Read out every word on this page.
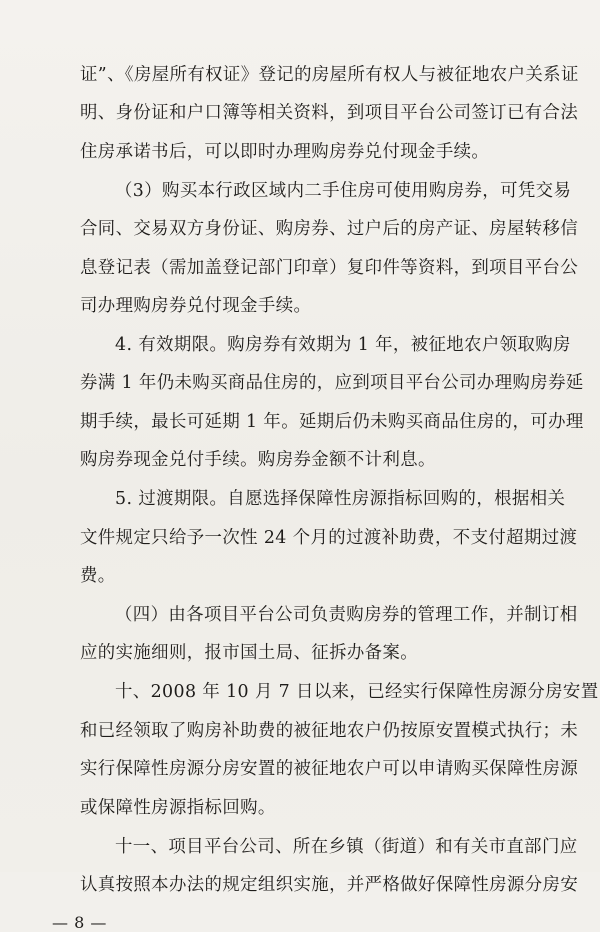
证”、《房屋所有权证》登记的房屋所有权人与被征地农户关系证
明、身份证和户口簿等相关资料，到项目平台公司签订已有合法
住房承诺书后，可以即时办理购房券兑付现金手续。
（3）购买本行政区域内二手住房可使用购房券，可凭交易
合同、交易双方身份证、购房券、过户后的房产证、房屋转移信
息登记表（需加盖登记部门印章）复印件等资料，到项目平台公
司办理购房券兑付现金手续。
4. 有效期限。购房券有效期为 1 年，被征地农户领取购房
券满 1 年仍未购买商品住房的，应到项目平台公司办理购房券延
期手续，最长可延期 1 年。延期后仍未购买商品住房的，可办理
购房券现金兑付手续。购房券金额不计利息。
5. 过渡期限。自愿选择保障性房源指标回购的，根据相关
文件规定只给予一次性 24 个月的过渡补助费，不支付超期过渡
费。
（四）由各项目平台公司负责购房券的管理工作，并制订相
应的实施细则，报市国土局、征拆办备案。
十、2008 年 10 月 7 日以来，已经实行保障性房源分房安置
和已经领取了购房补助费的被征地农户仍按原安置模式执行；未
实行保障性房源分房安置的被征地农户可以申请购买保障性房源
或保障性房源指标回购。
十一、项目平台公司、所在乡镇（街道）和有关市直部门应
认真按照本办法的规定组织实施，并严格做好保障性房源分房安
— 8 —
